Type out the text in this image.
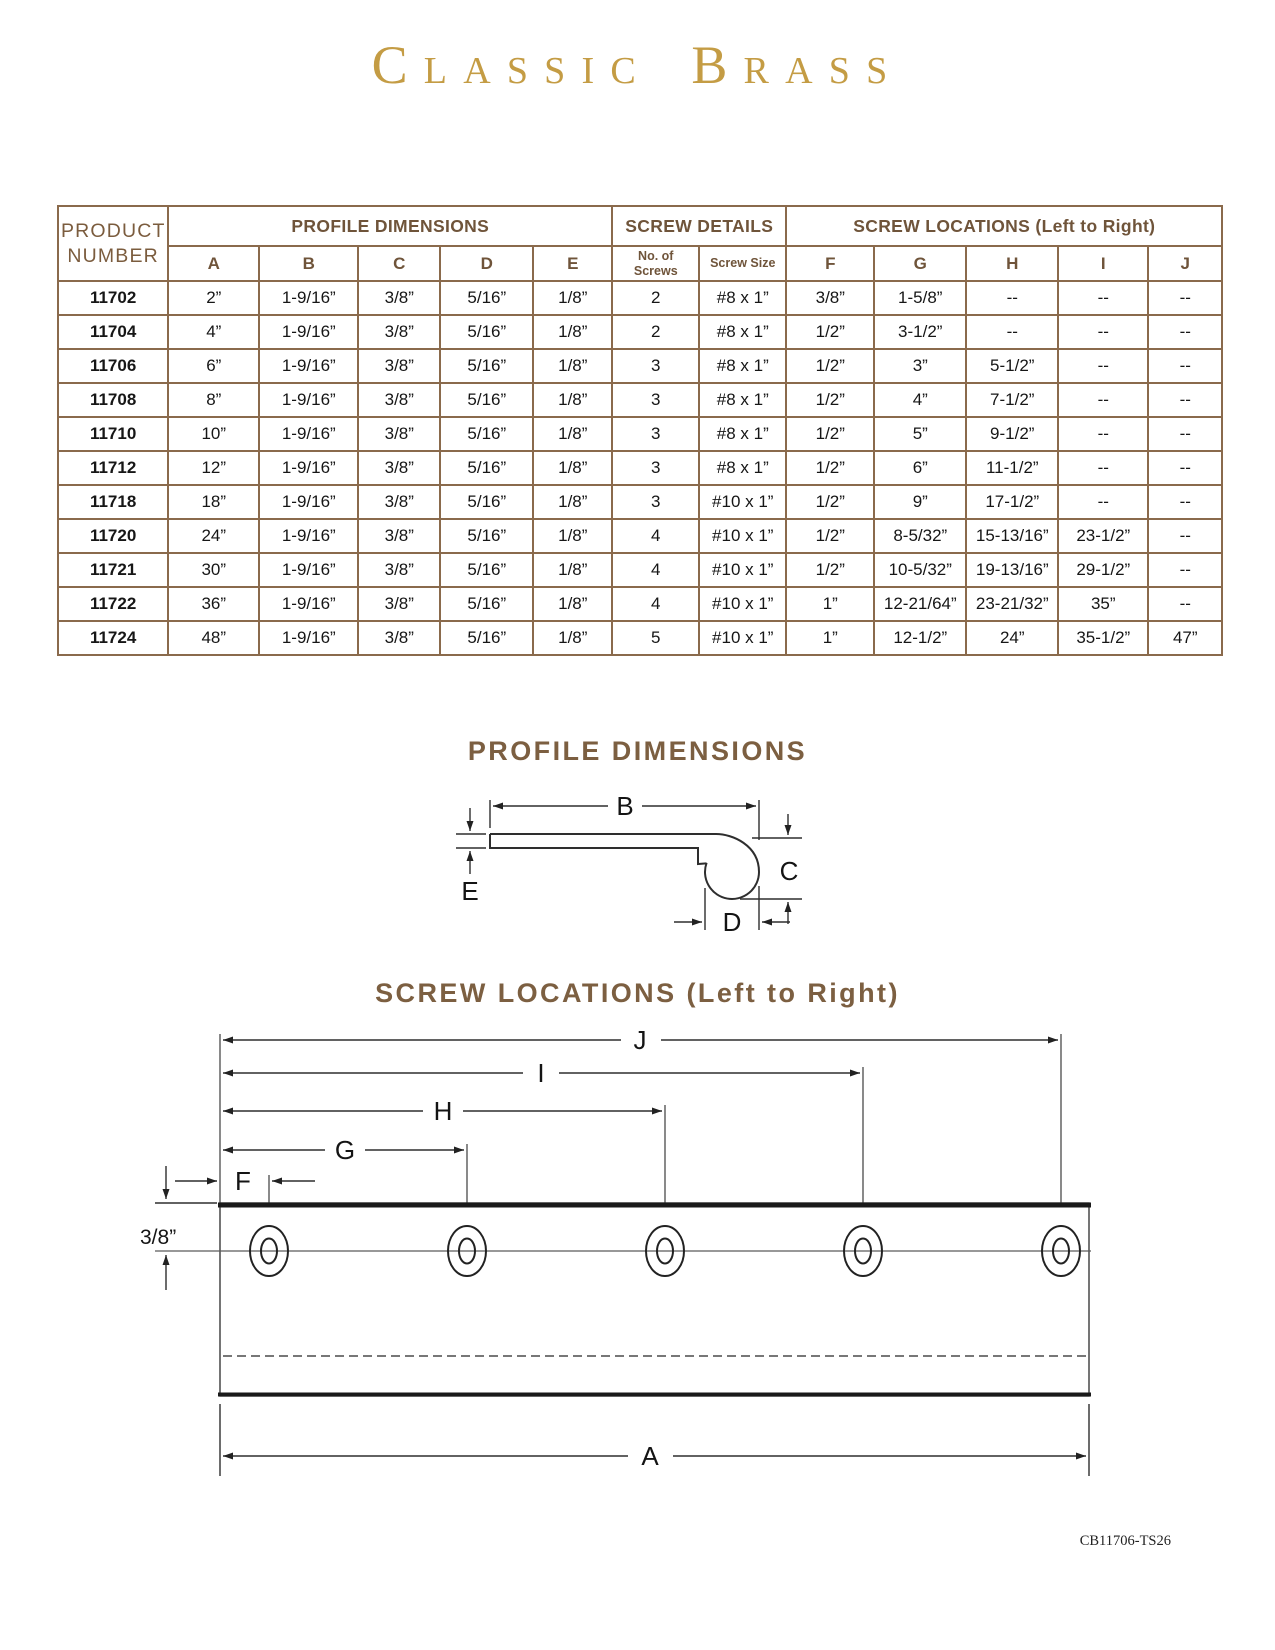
Classic Brass
PRODUCT NUMBER	PROFILE DIMENSIONS					SCREW DETAILS		SCREW LOCATIONS (Left to Right)				
	A	B	C	D	E	No. of Screws	Screw Size	F	G	H	I	J
11702	2”	1-9/16”	3/8”	5/16”	1/8”	2	#8 x 1”	3/8”	1-5/8”	--	--	--
11704	4”	1-9/16”	3/8”	5/16”	1/8”	2	#8 x 1”	1/2”	3-1/2”	--	--	--
11706	6”	1-9/16”	3/8”	5/16”	1/8”	3	#8 x 1”	1/2”	3”	5-1/2”	--	--
11708	8”	1-9/16”	3/8”	5/16”	1/8”	3	#8 x 1”	1/2”	4”	7-1/2”	--	--
11710	10”	1-9/16”	3/8”	5/16”	1/8”	3	#8 x 1”	1/2”	5”	9-1/2”	--	--
11712	12”	1-9/16”	3/8”	5/16”	1/8”	3	#8 x 1”	1/2”	6”	11-1/2”	--	--
11718	18”	1-9/16”	3/8”	5/16”	1/8”	3	#10 x 1”	1/2”	9”	17-1/2”	--	--
11720	24”	1-9/16”	3/8”	5/16”	1/8”	4	#10 x 1”	1/2”	8-5/32”	15-13/16”	23-1/2”	--
11721	30”	1-9/16”	3/8”	5/16”	1/8”	4	#10 x 1”	1/2”	10-5/32”	19-13/16”	29-1/2”	--
11722	36”	1-9/16”	3/8”	5/16”	1/8”	4	#10 x 1”	1”	12-21/64”	23-21/32”	35”	--
11724	48”	1-9/16”	3/8”	5/16”	1/8”	5	#10 x 1”	1”	12-1/2”	24”	35-1/2”	47”
PROFILE DIMENSIONS
B
E
C
D
SCREW LOCATIONS (Left to Right)
J
I
H
G
F
3/8”
A
CB11706-TS26
